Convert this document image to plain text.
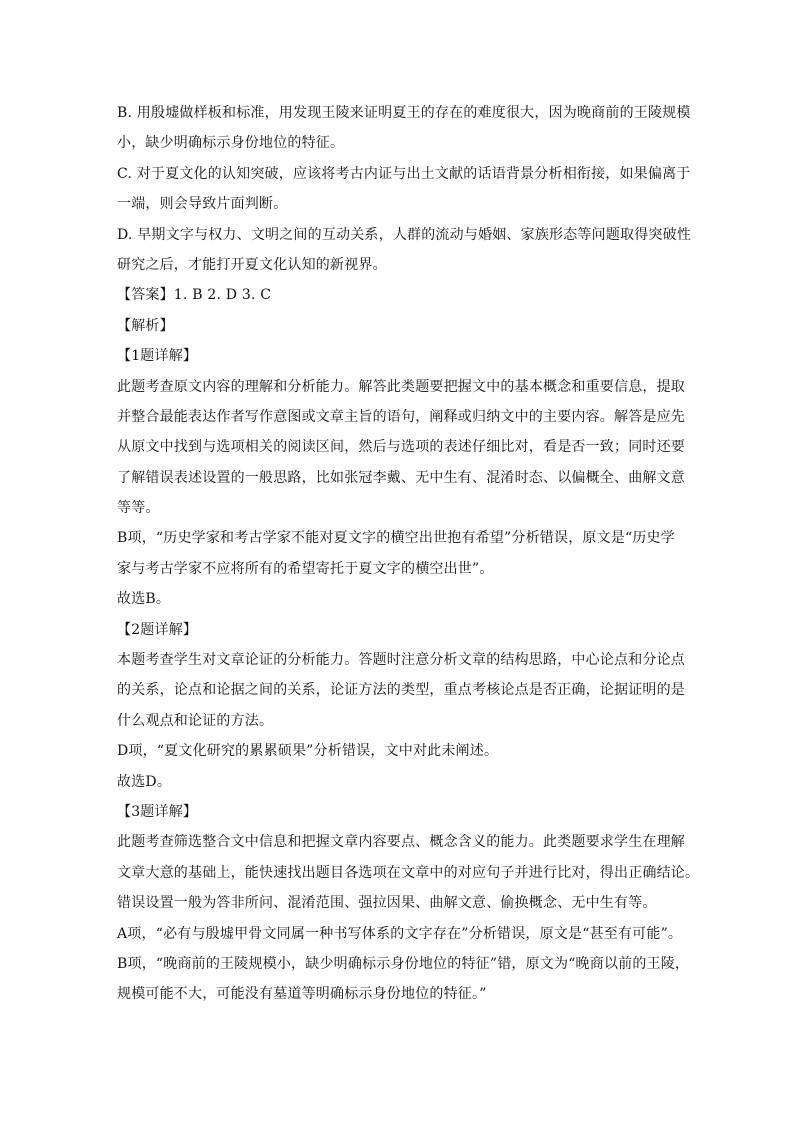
B. 用殷墟做样板和标准，用发现王陵来证明夏王的存在的难度很大，因为晚商前的王陵规模
小，缺少明确标示身份地位的特征。
C. 对于夏文化的认知突破，应该将考古内证与出土文献的话语背景分析相衔接，如果偏离于
一端，则会导致片面判断。
D. 早期文字与权力、文明之间的互动关系，人群的流动与婚姻、家族形态等问题取得突破性
研究之后，才能打开夏文化认知的新视界。
【答案】1. B 2. D 3. C
【解析】
【1题详解】
此题考查原文内容的理解和分析能力。解答此类题要把握文中的基本概念和重要信息，提取
并整合最能表达作者写作意图或文章主旨的语句，阐释或归纳文中的主要内容。解答是应先
从原文中找到与选项相关的阅读区间，然后与选项的表述仔细比对，看是否一致；同时还要
了解错误表述设置的一般思路，比如张冠李戴、无中生有、混淆时态、以偏概全、曲解文意
等等。
B项，“历史学家和考古学家不能对夏文字的横空出世抱有希望”分析错误，原文是“历史学
家与考古学家不应将所有的希望寄托于夏文字的横空出世”。
故选B。
【2题详解】
本题考查学生对文章论证的分析能力。答题时注意分析文章的结构思路，中心论点和分论点
的关系，论点和论据之间的关系，论证方法的类型，重点考核论点是否正确，论据证明的是
什么观点和论证的方法。
D项，“夏文化研究的累累硕果”分析错误，文中对此未阐述。
故选D。
【3题详解】
此题考查筛选整合文中信息和把握文章内容要点、概念含义的能力。此类题要求学生在理解
文章大意的基础上，能快速找出题目各选项在文章中的对应句子并进行比对，得出正确结论。
错误设置一般为答非所问、混淆范围、强拉因果、曲解文意、偷换概念、无中生有等。
A项，“必有与殷墟甲骨文同属一种书写体系的文字存在”分析错误，原文是“甚至有可能”。
B项，“晚商前的王陵规模小，缺少明确标示身份地位的特征”错，原文为“晚商以前的王陵，
规模可能不大，可能没有墓道等明确标示身份地位的特征。”
